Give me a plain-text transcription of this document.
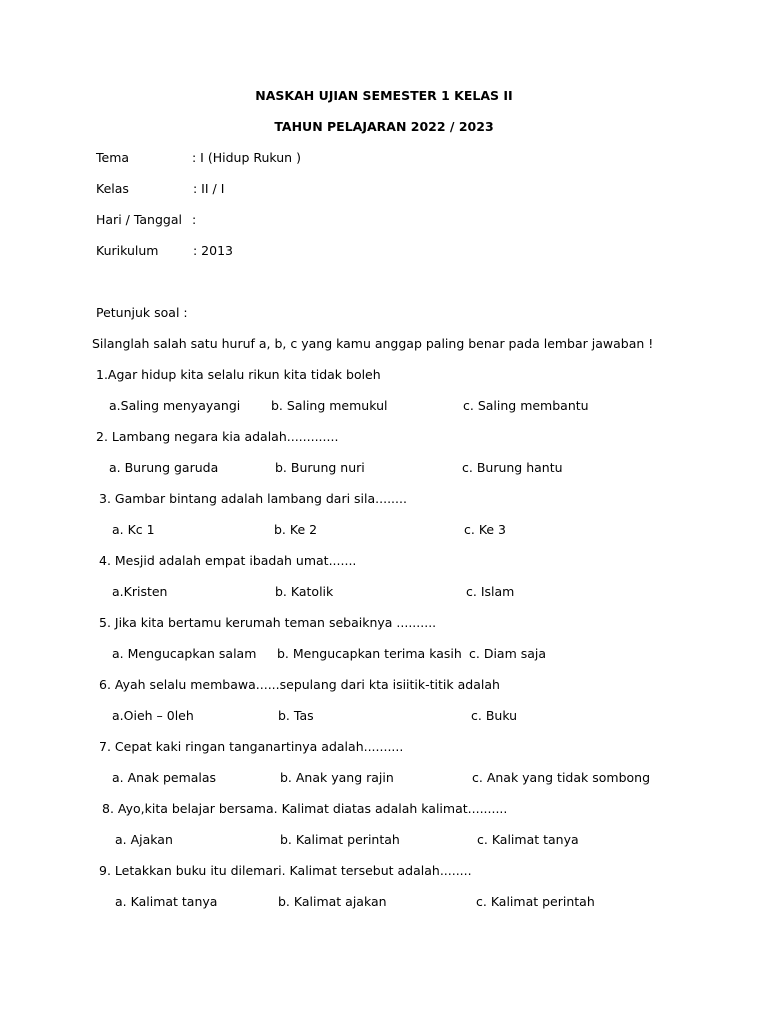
NASKAH UJIAN SEMESTER 1 KELAS II
TAHUN PELAJARAN 2022 / 2023
Tema	: I (Hidup Rukun )
Kelas	: II / I
Hari / Tanggal :
Kurikulum	: 2013
Petunjuk soal :
Silanglah salah satu huruf a, b, c yang kamu anggap paling benar pada lembar jawaban !
1.Agar hidup kita selalu rikun kita tidak boleh
a.Saling menyayangi b. Saling memukul	c. Saling membantu
2. Lambang negara kia adalah.............
a. Burung garuda	b. Burung nuri	c. Burung hantu
3. Gambar bintang adalah lambang dari sila........
a. Kc 1	b. Ke 2	c. Ke 3
4. Mesjid adalah empat ibadah umat.......
a.Kristen	b. Katolik	c. Islam
5. Jika kita bertamu kerumah teman sebaiknya ..........
a. Mengucapkan salam b. Mengucapkan terima kasih c. Diam saja
6. Ayah selalu membawa......sepulang dari kta isiitik-titik adalah
a.Oieh – 0leh	b. Tas	c. Buku
7. Cepat kaki ringan tanganartinya adalah..........
a. Anak pemalas	b. Anak yang rajin	c. Anak yang tidak sombong
8. Ayo,kita belajar bersama. Kalimat diatas adalah kalimat..........
a. Ajakan	b. Kalimat perintah	c. Kalimat tanya
9. Letakkan buku itu dilemari. Kalimat tersebut adalah........
a. Kalimat tanya	b. Kalimat ajakan	c. Kalimat perintah
